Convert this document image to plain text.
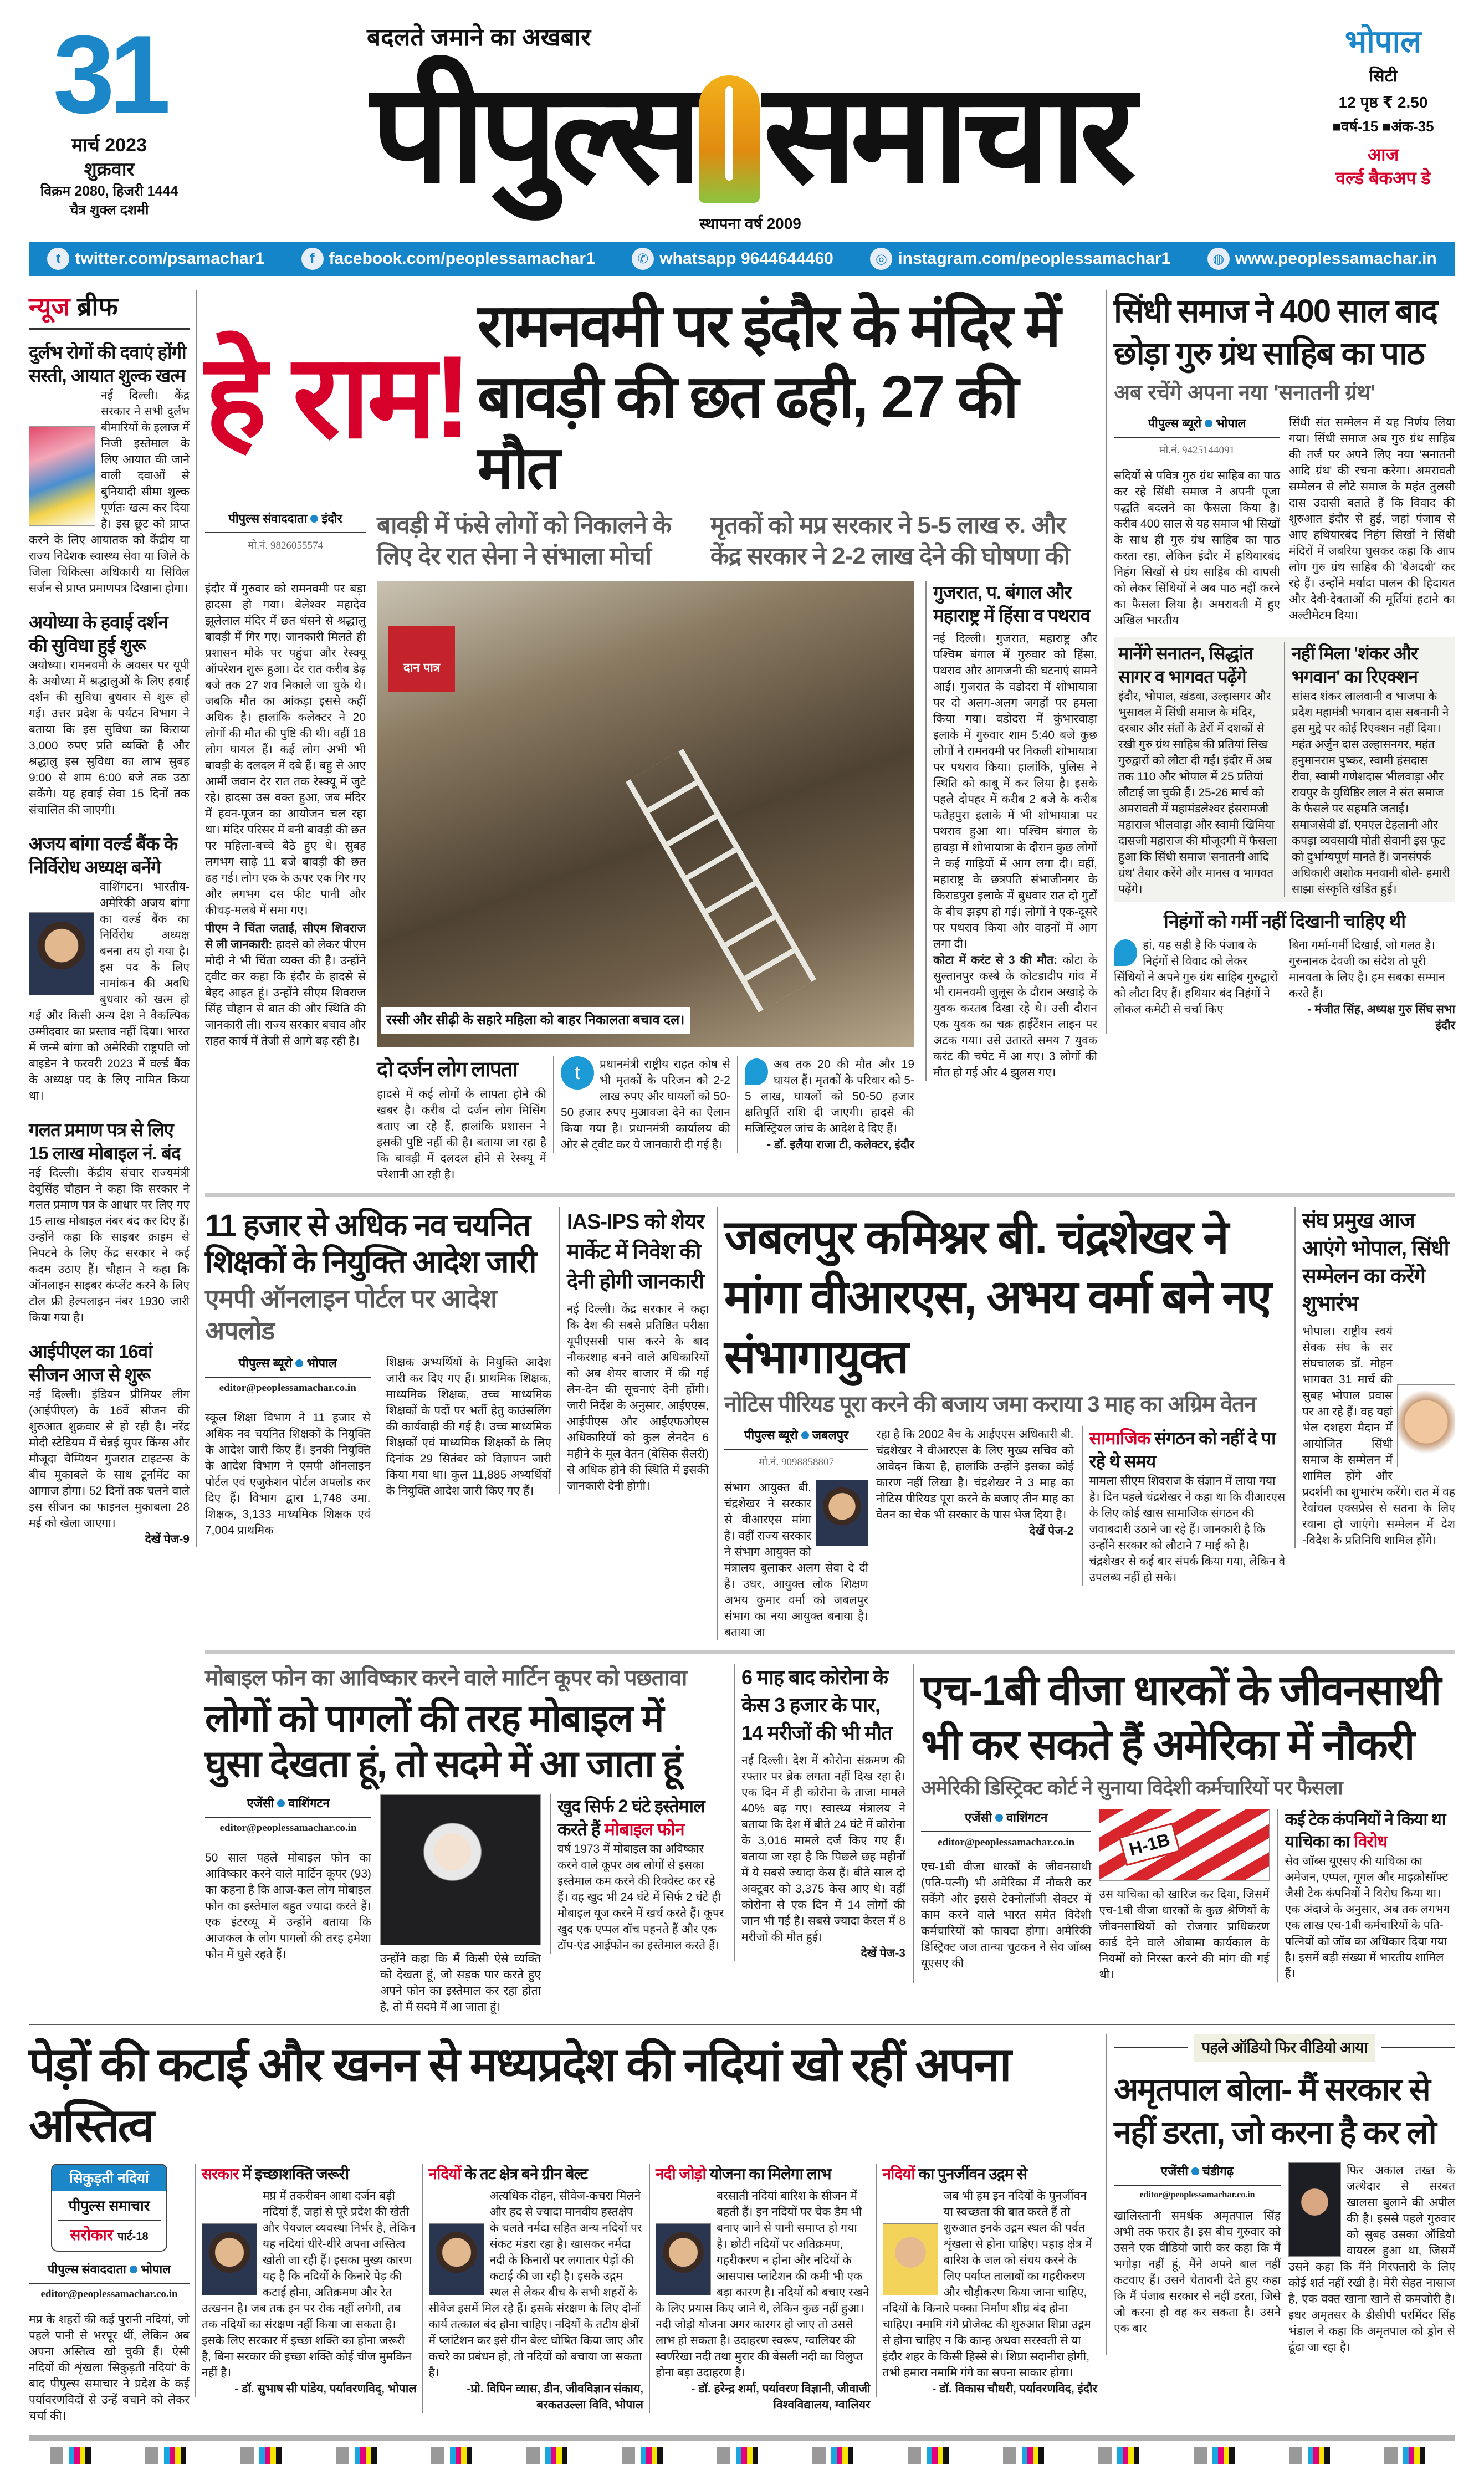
31
मार्च 2023
शुक्रवार
विक्रम 2080, हिजरी 1444
चैत्र शुक्ल दशमी
बदलते जमाने का अखबार
पीपुल्स समाचार
स्थापना वर्ष 2009
भोपाल
सिटी
12 पृष्ठ ₹ 2.50
■वर्ष-15 ■अंक-35
आज
वर्ल्ड बैकअप डे
t twitter.com/psamachar1	f facebook.com/peoplessamachar1	✆ whatsapp 9644644460	◎ instagram.com/peoplessamachar1	◍ www.peoplessamachar.in
न्यूज ब्रीफ
दुर्लभ रोगों की दवाएं होंगी सस्ती, आयात शुल्क खत्म
नई दिल्ली। केंद्र सरकार ने सभी दुर्लभ बीमारियों के इलाज में निजी इस्तेमाल के लिए आयात की जाने वाली दवाओं से बुनियादी सीमा शुल्क पूर्णतः खत्म कर दिया है। इस छूट को प्राप्त करने के लिए आयातक को केंद्रीय या राज्य निदेशक स्वास्थ्य सेवा या जिले के जिला चिकित्सा अधिकारी या सिविल सर्जन से प्राप्त प्रमाणपत्र दिखाना होगा।
अयोध्या के हवाई दर्शन की सुविधा हुई शुरू
अयोध्या। रामनवमी के अवसर पर यूपी के अयोध्या में श्रद्धालुओं के लिए हवाई दर्शन की सुविधा बुधवार से शुरू हो गई। उत्तर प्रदेश के पर्यटन विभाग ने बताया कि इस सुविधा का किराया 3,000 रुपए प्रति व्यक्ति है और श्रद्धालु इस सुविधा का लाभ सुबह 9:00 से शाम 6:00 बजे तक उठा सकेंगे। यह हवाई सेवा 15 दिनों तक संचालित की जाएगी।
अजय बांगा वर्ल्ड बैंक के निर्विरोध अध्यक्ष बनेंगे
वाशिंगटन। भारतीय-अमेरिकी अजय बांगा का वर्ल्ड बैंक का निर्विरोध अध्यक्ष बनना तय हो गया है। इस पद के लिए नामांकन की अवधि बुधवार को खत्म हो गई और किसी अन्य देश ने वैकल्पिक उम्मीदवार का प्रस्ताव नहीं दिया। भारत में जन्मे बांगा को अमेरिकी राष्ट्रपति जो बाइडेन ने फरवरी 2023 में वर्ल्ड बैंक के अध्यक्ष पद के लिए नामित किया था।
गलत प्रमाण पत्र से लिए 15 लाख मोबाइल नं. बंद
नई दिल्ली। केंद्रीय संचार राज्यमंत्री देवुसिंह चौहान ने कहा कि सरकार ने गलत प्रमाण पत्र के आधार पर लिए गए 15 लाख मोबाइल नंबर बंद कर दिए हैं। उन्होंने कहा कि साइबर क्राइम से निपटने के लिए केंद्र सरकार ने कई कदम उठाए हैं। चौहान ने कहा कि ऑनलाइन साइबर कंप्लेंट करने के लिए टोल फ्री हेल्पलाइन नंबर 1930 जारी किया गया है।
आईपीएल का 16वां सीजन आज से शुरू
नई दिल्ली। इंडियन प्रीमियर लीग (आईपीएल) के 16वें सीजन की शुरुआत शुक्रवार से हो रही है। नरेंद्र मोदी स्टेडियम में चेन्नई सुपर किंग्स और मौजूदा चैम्पियन गुजरात टाइटन्स के बीच मुकाबले के साथ टूर्नामेंट का आगाज होगा। 52 दिनों तक चलने वाले इस सीजन का फाइनल मुकाबला 28 मई को खेला जाएगा।
देखें पेज-9
हे राम!
रामनवमी पर इंदौर के मंदिर में
बावड़ी की छत ढही, 27 की मौत
पीपुल्स संवाददाता इंदौर
मो.नं. 9826055574
बावड़ी में फंसे लोगों को निकालने के लिए देर रात सेना ने संभाला मोर्चा
मृतकों को मप्र सरकार ने 5-5 लाख रु. और केंद्र सरकार ने 2-2 लाख देने की घोषणा की
इंदौर में गुरुवार को रामनवमी पर बड़ा हादसा हो गया। बेलेश्वर महादेव झूलेलाल मंदिर में छत धंसने से श्रद्धालु बावड़ी में गिर गए। जानकारी मिलते ही प्रशासन मौके पर पहुंचा और रेस्क्यू ऑपरेशन शुरू हुआ। देर रात करीब डेढ़ बजे तक 27 शव निकाले जा चुके थे। जबकि मौत का आंकड़ा इससे कहीं अधिक है। हालांकि कलेक्टर ने 20 लोगों की मौत की पुष्टि की थी। वहीं 18 लोग घायल हैं। कई लोग अभी भी बावड़ी के दलदल में दबे हैं। बहु से आए आर्मी जवान देर रात तक रेस्क्यू में जुटे रहे। हादसा उस वक्त हुआ, जब मंदिर में हवन-पूजन का आयोजन चल रहा था। मंदिर परिसर में बनी बावड़ी की छत पर महिला-बच्चे बैठे हुए थे। सुबह लगभग साढ़े 11 बजे बावड़ी की छत ढह गई। लोग एक के ऊपर एक गिर गए और लगभग दस फीट पानी और कीचड़-मलबे में समा गए।
पीएम ने चिंता जताई, सीएम शिवराज से ली जानकारी: हादसे को लेकर पीएम मोदी ने भी चिंता व्यक्त की है। उन्होंने ट्वीट कर कहा कि इंदौर के हादसे से बेहद आहत हूं। उन्होंने सीएम शिवराज सिंह चौहान से बात की और स्थिति की जानकारी ली। राज्य सरकार बचाव और राहत कार्य में तेजी से आगे बढ़ रही है।
दान पात्र
रस्सी और सीढ़ी के सहारे महिला को बाहर निकालता बचाव दल।
दो दर्जन लोग लापता
हादसे में कई लोगों के लापता होने की खबर है। करीब दो दर्जन लोग मिसिंग बताए जा रहे हैं, हालांकि प्रशासन ने इसकी पुष्टि नहीं की है। बताया जा रहा है कि बावड़ी में दलदल होने से रेस्क्यू में परेशानी आ रही है।
t	प्रधानमंत्री राष्ट्रीय राहत कोष से भी मृतकों के परिजन को 2-2 लाख रुपए और घायलों को 50-50 हजार रुपए मुआवजा देने का ऐलान किया गया है। प्रधानमंत्री कार्यालय की ओर से ट्वीट कर ये जानकारी दी गई है।
अब तक 20 की मौत और 19 घायल हैं। मृतकों के परिवार को 5-5 लाख, घायलों को 50-50 हजार क्षतिपूर्ति राशि दी जाएगी। हादसे की मजिस्ट्रियल जांच के आदेश दे दिए हैं।
- डॉ. इलैया राजा टी, कलेक्टर, इंदौर
गुजरात, प. बंगाल और महाराष्ट्र में हिंसा व पथराव
नई दिल्ली। गुजरात, महाराष्ट्र और पश्चिम बंगाल में गुरुवार को हिंसा, पथराव और आगजनी की घटनाएं सामने आईं। गुजरात के वडोदरा में शोभायात्रा पर दो अलग-अलग जगहों पर हमला किया गया। वडोदरा में कुंभारवाड़ा इलाके में गुरुवार शाम 5:40 बजे कुछ लोगों ने रामनवमी पर निकली शोभायात्रा पर पथराव किया। हालांकि, पुलिस ने स्थिति को काबू में कर लिया है। इसके पहले दोपहर में करीब 2 बजे के करीब फतेहपुरा इलाके में भी शोभायात्रा पर पथराव हुआ था। पश्चिम बंगाल के हावड़ा में शोभायात्रा के दौरान कुछ लोगों ने कई गाड़ियों में आग लगा दी। वहीं, महाराष्ट्र के छत्रपति संभाजीनगर के किराडपुरा इलाके में बुधवार रात दो गुटों के बीच झड़प हो गई। लोगों ने एक-दूसरे पर पथराव किया और वाहनों में आग लगा दी।
कोटा में करंट से 3 की मौत: कोटा के सुल्तानपुर कस्बे के कोटडादीप गांव में भी रामनवमी जुलूस के दौरान अखाड़े के युवक करतब दिखा रहे थे। उसी दौरान एक युवक का चक्र हाईटेंशन लाइन पर अटक गया। उसे उतारते समय 7 युवक करंट की चपेट में आ गए। 3 लोगों की मौत हो गई और 4 झुलस गए।
सिंधी समाज ने 400 साल बाद छोड़ा गुरु ग्रंथ साहिब का पाठ
अब रचेंगे अपना नया 'सनातनी ग्रंथ'
पीपुल्स ब्यूरो भोपाल
मो.नं. 9425144091
सदियों से पवित्र गुरु ग्रंथ साहिब का पाठ कर रहे सिंधी समाज ने अपनी पूजा पद्धति बदलने का फैसला किया है। करीब 400 साल से यह समाज भी सिखों के साथ ही गुरु ग्रंथ साहिब का पाठ करता रहा, लेकिन इंदौर में हथियारबंद निहंग सिखों से ग्रंथ साहिब की वापसी को लेकर सिंधियों ने अब पाठ नहीं करने का फैसला लिया है। अमरावती में हुए अखिल भारतीय
सिंधी संत सम्मेलन में यह निर्णय लिया गया। सिंधी समाज अब गुरु ग्रंथ साहिब की तर्ज पर अपने लिए नया 'सनातनी आदि ग्रंथ' की रचना करेगा। अमरावती सम्मेलन से लौटे समाज के महंत तुलसी दास उदासी बताते हैं कि विवाद की शुरुआत इंदौर से हुई, जहां पंजाब से आए हथियारबंद निहंग सिखों ने सिंधी मंदिरों में जबरिया घुसकर कहा कि आप लोग गुरु ग्रंथ साहिब की 'बेअदबी' कर रहे हैं। उन्होंने मर्यादा पालन की हिदायत और देवी-देवताओं की मूर्तियां हटाने का अल्टीमेटम दिया।
मानेंगे सनातन, सिद्धांत सागर व भागवत पढ़ेंगे
इंदौर, भोपाल, खंडवा, उल्हासगर और भुसावल में सिंधी समाज के मंदिर, दरबार और संतों के डेरों में दशकों से रखी गुरु ग्रंथ साहिब की प्रतियां सिख गुरुद्वारों को लौटा दी गईं। इंदौर में अब तक 110 और भोपाल में 25 प्रतियां लौटाई जा चुकी हैं। 25-26 मार्च को अमरावती में महामंडलेश्वर हंसरामजी महाराज भीलवाड़ा और स्वामी खिमिया दासजी महाराज की मौजूदगी में फैसला हुआ कि सिंधी समाज 'सनातनी आदि ग्रंथ' तैयार करेंगे और मानस व भागवत पढ़ेंगे।
नहीं मिला 'शंकर और भगवान' का रिएक्शन
सांसद शंकर लालवानी व भाजपा के प्रदेश महामंत्री भगवान दास सबनानी ने इस मुद्दे पर कोई रिएक्शन नहीं दिया। महंत अर्जुन दास उल्हासनगर, महंत हनुमानराम पुष्कर, स्वामी हंसदास रीवा, स्वामी गणेशदास भीलवाड़ा और रायपुर के युधिष्ठिर लाल ने संत समाज के फैसले पर सहमति जताई। समाजसेवी डॉ. एमएल टेहलानी और कपड़ा व्यवसायी मोती सेवानी इस फूट को दुर्भाग्यपूर्ण मानते हैं। जनसंपर्क अधिकारी अशोक मनवानी बोले- हमारी साझा संस्कृति खंडित हुई।
निहंगों को गर्मी नहीं दिखानी चाहिए थी
हां, यह सही है कि पंजाब के निहंगों से विवाद को लेकर सिंधियों ने अपने गुरु ग्रंथ साहिब गुरुद्वारों को लौटा दिए हैं। हथियार बंद निहंगों ने लोकल कमेटी से चर्चा किए
बिना गर्मा-गर्मी दिखाई, जो गलत है। गुरुनानक देवजी का संदेश तो पूरी मानवता के लिए है। हम सबका सम्मान करते हैं।
- मंजीत सिंह, अध्यक्ष गुरु सिंघ सभा इंदौर
11 हजार से अधिक नव चयनित शिक्षकों के नियुक्ति आदेश जारी
एमपी ऑनलाइन पोर्टल पर आदेश अपलोड
पीपुल्स ब्यूरो भोपाल
editor@peoplessamachar.co.in
स्कूल शिक्षा विभाग ने 11 हजार से अधिक नव चयनित शिक्षकों के नियुक्ति के आदेश जारी किए हैं। इनकी नियुक्ति के आदेश विभाग ने एमपी ऑनलाइन पोर्टल एवं एजुकेशन पोर्टल अपलोड कर दिए हैं। विभाग द्वारा 1,748 उमा. शिक्षक, 3,133 माध्यमिक शिक्षक एवं 7,004 प्राथमिक
शिक्षक अभ्यर्थियों के नियुक्ति आदेश जारी कर दिए गए हैं। प्राथमिक शिक्षक, माध्यमिक शिक्षक, उच्च माध्यमिक शिक्षकों के पदों पर भर्ती हेतु काउंसलिंग की कार्यवाही की गई है। उच्च माध्यमिक शिक्षकों एवं माध्यमिक शिक्षकों के लिए दिनांक 29 सितंबर को विज्ञापन जारी किया गया था। कुल 11,885 अभ्यर्थियों के नियुक्ति आदेश जारी किए गए हैं।
IAS-IPS को शेयर मार्केट में निवेश की देनी होगी जानकारी
नई दिल्ली। केंद्र सरकार ने कहा कि देश की सबसे प्रतिष्ठित परीक्षा यूपीएससी पास करने के बाद नौकरशाह बनने वाले अधिकारियों को अब शेयर बाजार में की गई लेन-देन की सूचनाएं देनी होंगी। जारी निर्देश के अनुसार, आईएएस, आईपीएस और आईएफओएस अधिकारियों को कुल लेनदेन 6 महीने के मूल वेतन (बेसिक सैलरी) से अधिक होने की स्थिति में इसकी जानकारी देनी होगी।
जबलपुर कमिश्नर बी. चंद्रशेखर ने मांगा वीआरएस, अभय वर्मा बने नए संभागायुक्त
नोटिस पीरियड पूरा करने की बजाय जमा कराया 3 माह का अग्रिम वेतन
पीपुल्स ब्यूरो जबलपुर
मो.नं. 9098858807
संभाग आयुक्त बी. चंद्रशेखर ने सरकार से वीआरएस मांगा है। वहीं राज्य सरकार ने संभाग आयुक्त को मंत्रालय बुलाकर अलग सेवा दे दी है। उधर, आयुक्त लोक शिक्षण अभय कुमार वर्मा को जबलपुर संभाग का नया आयुक्त बनाया है। बताया जा
रहा है कि 2002 बैच के आईएएस अधिकारी बी. चंद्रशेखर ने वीआरएस के लिए मुख्य सचिव को आवेदन किया है, हालांकि उन्होंने इसका कोई कारण नहीं लिखा है। चंद्रशेखर ने 3 माह का नोटिस पीरियड पूरा करने के बजाए तीन माह का वेतन का चेक भी सरकार के पास भेज दिया है।
देखें पेज-2
सामाजिक संगठन को नहीं दे पा रहे थे समय
मामला सीएम शिवराज के संज्ञान में लाया गया है। दिन पहले चंद्रशेखर ने कहा था कि वीआरएस के लिए कोई खास सामाजिक संगठन की जवाबदारी उठाने जा रहे हैं। जानकारी है कि उन्होंने सरकार को लौटाने 7 माई को है। चंद्रशेखर से कई बार संपर्क किया गया, लेकिन वे उपलब्ध नहीं हो सके।
संघ प्रमुख आज आएंगे भोपाल, सिंधी सम्मेलन का करेंगे शुभारंभ
भोपाल। राष्ट्रीय स्वयं सेवक संघ के सर संघचालक डॉ. मोहन भागवत 31 मार्च की सुबह भोपाल प्रवास पर आ रहे हैं। वह यहां भेल दशहरा मैदान में आयोजित सिंधी समाज के सम्मेलन में शामिल होंगे और प्रदर्शनी का शुभारंभ करेंगे। रात में वह रेवांचल एक्सप्रेस से सतना के लिए रवाना हो जाएंगे। सम्मेलन में देश -विदेश के प्रतिनिधि शामिल होंगे।
मोबाइल फोन का आविष्कार करने वाले मार्टिन कूपर को पछतावा
लोगों को पागलों की तरह मोबाइल में घुसा देखता हूं, तो सदमे में आ जाता हूं
एजेंसी वाशिंगटन
editor@peoplessamachar.co.in
50 साल पहले मोबाइल फोन का आविष्कार करने वाले मार्टिन कूपर (93) का कहना है कि आज-कल लोग मोबाइल फोन का इस्तेमाल बहुत ज्यादा करते हैं। एक इंटरव्यू में उन्होंने बताया कि आजकल के लोग पागलों की तरह हमेशा फोन में घुसे रहते हैं।	उन्होंने कहा कि मैं किसी ऐसे व्यक्ति को देखता हूं, जो सड़क पार करते हुए अपने फोन का इस्तेमाल कर रहा होता है, तो मैं सदमे में आ जाता हूं।
खुद सिर्फ 2 घंटे इस्तेमाल करते हैं मोबाइल फोन
वर्ष 1973 में मोबाइल का अविष्कार करने वाले कूपर अब लोगों से इसका इस्तेमाल कम करने की रिक्वेस्ट कर रहे हैं। वह खुद भी 24 घंटे में सिर्फ 2 घंटे ही मोबाइल यूज करने में खर्च करते हैं। कूपर खुद एक एप्पल वॉच पहनते हैं और एक टॉप-एंड आईफोन का इस्तेमाल करते हैं।
6 माह बाद कोरोना के केस 3 हजार के पार, 14 मरीजों की भी मौत
नई दिल्ली। देश में कोरोना संक्रमण की रफ्तार पर ब्रेक लगता नहीं दिख रहा है। एक दिन में ही कोरोना के ताजा मामले 40% बढ़ गए। स्वास्थ्य मंत्रालय ने बताया कि देश में बीते 24 घंटे में कोरोना के 3,016 मामले दर्ज किए गए हैं। बताया जा रहा है कि पिछले छह महीनों में ये सबसे ज्यादा केस हैं। बीते साल दो अक्टूबर को 3,375 केस आए थे। वहीं कोरोना से एक दिन में 14 लोगों की जान भी गई है। सबसे ज्यादा केरल में 8 मरीजों की मौत हुई।
देखें पेज-3
एच-1बी वीजा धारकों के जीवनसाथी भी कर सकते हैं अमेरिका में नौकरी
अमेरिकी डिस्ट्रिक्ट कोर्ट ने सुनाया विदेशी कर्मचारियों पर फैसला
एजेंसी वाशिंगटन
editor@peoplessamachar.co.in
एच-1बी वीजा धारकों के जीवनसाथी (पति-पत्नी) भी अमेरिका में नौकरी कर सकेंगे और इससे टेक्नोलॉजी सेक्टर में काम करने वाले भारत समेत विदेशी कर्मचारियों को फायदा होगा। अमेरिकी डिस्ट्रिक्ट जज तान्या चुटकन ने सेव जॉब्स यूएसए की
H-1B
उस याचिका को खारिज कर दिया, जिसमें एच-1बी वीजा धारकों के कुछ श्रेणियों के जीवनसाथियों को रोजगार प्राधिकरण कार्ड देने वाले ओबामा कार्यकाल के नियमों को निरस्त करने की मांग की गई थी।
कई टेक कंपनियों ने किया था याचिका का विरोध
सेव जॉब्स यूएसए की याचिका का अमेजन, एप्पल, गूगल और माइक्रोसॉफ्ट जैसी टेक कंपनियों ने विरोध किया था। एक अंदाजे के अनुसार, अब तक लगभग एक लाख एच-1बी कर्मचारियों के पति-पत्नियों को जॉब का अधिकार दिया गया है। इसमें बड़ी संख्या में भारतीय शामिल हैं।
पेड़ों की कटाई और खनन से मध्यप्रदेश की नदियां खो रहीं अपना अस्तित्व
सिकुड़ती नदियां
पीपुल्स समाचार
सरोकार पार्ट-18
पीपुल्स संवाददाता भोपाल
editor@peoplessamachar.co.in
मप्र के शहरों की कई पुरानी नदियां, जो पहले पानी से भरपूर थीं, लेकिन अब अपना अस्तित्व खो चुकी हैं। ऐसी नदियों की शृंखला 'सिकुड़ती नदियां' के बाद पीपुल्स समाचार ने प्रदेश के कई पर्यावरणविदों से उन्हें बचाने को लेकर चर्चा की।
सरकार में इच्छाशक्ति जरूरी
मप्र में तकरीबन आधा दर्जन बड़ी नदियां हैं, जहां से पूरे प्रदेश की खेती और पेयजल व्यवस्था निर्भर है, लेकिन यह नदियां धीरे-धीरे अपना अस्तित्व खोती जा रही हैं। इसका मुख्य कारण यह है कि नदियों के किनारे पेड़ की कटाई होना, अतिक्रमण और रेत उत्खनन है। जब तक इन पर रोक नहीं लगेगी, तब तक नदियों का संरक्षण नहीं किया जा सकता है। इसके लिए सरकार में इच्छा शक्ति का होना जरूरी है, बिना सरकार की इच्छा शक्ति कोई चीज मुमकिन नहीं है।
- डॉ. सुभाष सी पांडेय, पर्यावरणविद्, भोपाल
नदियों के तट क्षेत्र बने ग्रीन बेल्ट
अत्यधिक दोहन, सीवेज-कचरा मिलने और हद से ज्यादा मानवीय हस्तक्षेप के चलते नर्मदा सहित अन्य नदियों पर संकट मंडरा रहा है। खासकर नर्मदा नदी के किनारों पर लगातार पेड़ों की कटाई की जा रही है। इसके उद्गम स्थल से लेकर बीच के सभी शहरों के सीवेज इसमें मिल रहे हैं। इसके संरक्षण के लिए दोनों कार्य तत्काल बंद होना चाहिए। नदियों के तटीय क्षेत्रों में प्लांटेशन कर इसे ग्रीन बेल्ट घोषित किया जाए और कचरे का प्रबंधन हो, तो नदियों को बचाया जा सकता है।
-प्रो. विपिन व्यास, डीन, जीवविज्ञान संकाय, बरकतउल्ला विवि, भोपाल
नदी जोड़ो योजना का मिलेगा लाभ
बरसाती नदियां बारिश के सीजन में बहती हैं। इन नदियों पर चेक डैम भी बनाए जाने से पानी समाप्त हो गया है। छोटी नदियों पर अतिक्रमण, गहरीकरण न होना और नदियों के आसपास प्लांटेशन की कमी भी एक बड़ा कारण है। नदियों को बचाए रखने के लिए प्रयास किए जाने थे, लेकिन कुछ नहीं हुआ। नदी जोड़ो योजना अगर कारगर हो जाए तो उससे लाभ हो सकता है। उदाहरण स्वरूप, ग्वालियर की स्वर्णरेखा नदी तथा मुरार की बेसली नदी का विलुप्त होना बड़ा उदाहरण है।
- डॉ. हरेन्द्र शर्मा, पर्यावरण विज्ञानी, जीवाजी विश्वविद्यालय, ग्वालियर
नदियों का पुनर्जीवन उद्गम से
जब भी हम इन नदियों के पुनर्जीवन या स्वच्छता की बात करते हैं तो शुरुआत इनके उद्गम स्थल की पर्वत शृंखला से होना चाहिए। पहाड़ क्षेत्र में बारिश के जल को संचय करने के लिए पर्याप्त तालाबों का गहरीकरण और चौड़ीकरण किया जाना चाहिए, नदियों के किनारे पक्का निर्माण शीघ्र बंद होना चाहिए। नमामि गंगे प्रोजेक्ट की शुरुआत शिप्रा उद्गम से होना चाहिए न कि कान्ह अथवा सरस्वती से या इंदौर शहर के किसी हिस्से से। शिप्रा सदानीरा होगी, तभी हमारा नमामि गंगे का सपना साकार होगा।
- डॉ. विकास चौधरी, पर्यावरणविद, इंदौर
पहले ऑडियो फिर वीडियो आया
अमृतपाल बोला- मैं सरकार से नहीं डरता, जो करना है कर लो
एजेंसी चंडीगढ़
editor@peoplessamachar.co.in
खालिस्तानी समर्थक अमृतपाल सिंह अभी तक फरार है। इस बीच गुरुवार को उसने एक वीडियो जारी कर कहा कि मैं भगोड़ा नहीं हूं, मैंने अपने बाल नहीं कटवाए हैं। उसने चेतावनी देते हुए कहा कि मैं पंजाब सरकार से नहीं डरता, जिसे जो करना हो वह कर सकता है। उसने एक बार
फिर अकाल तख्त के जत्थेदार से सरबत खालसा बुलाने की अपील की है। इससे पहले गुरुवार को सुबह उसका ऑडियो वायरल हुआ था, जिसमें उसने कहा कि मैंने गिरफ्तारी के लिए कोई शर्त नहीं रखी है। मेरी सेहत नासाज है, एक वक्त खाना खाने से कमजोरी है। इधर अमृतसर के डीसीपी परमिंदर सिंह भंडाल ने कहा कि अमृतपाल को ड्रोन से ढूंढा जा रहा है।
